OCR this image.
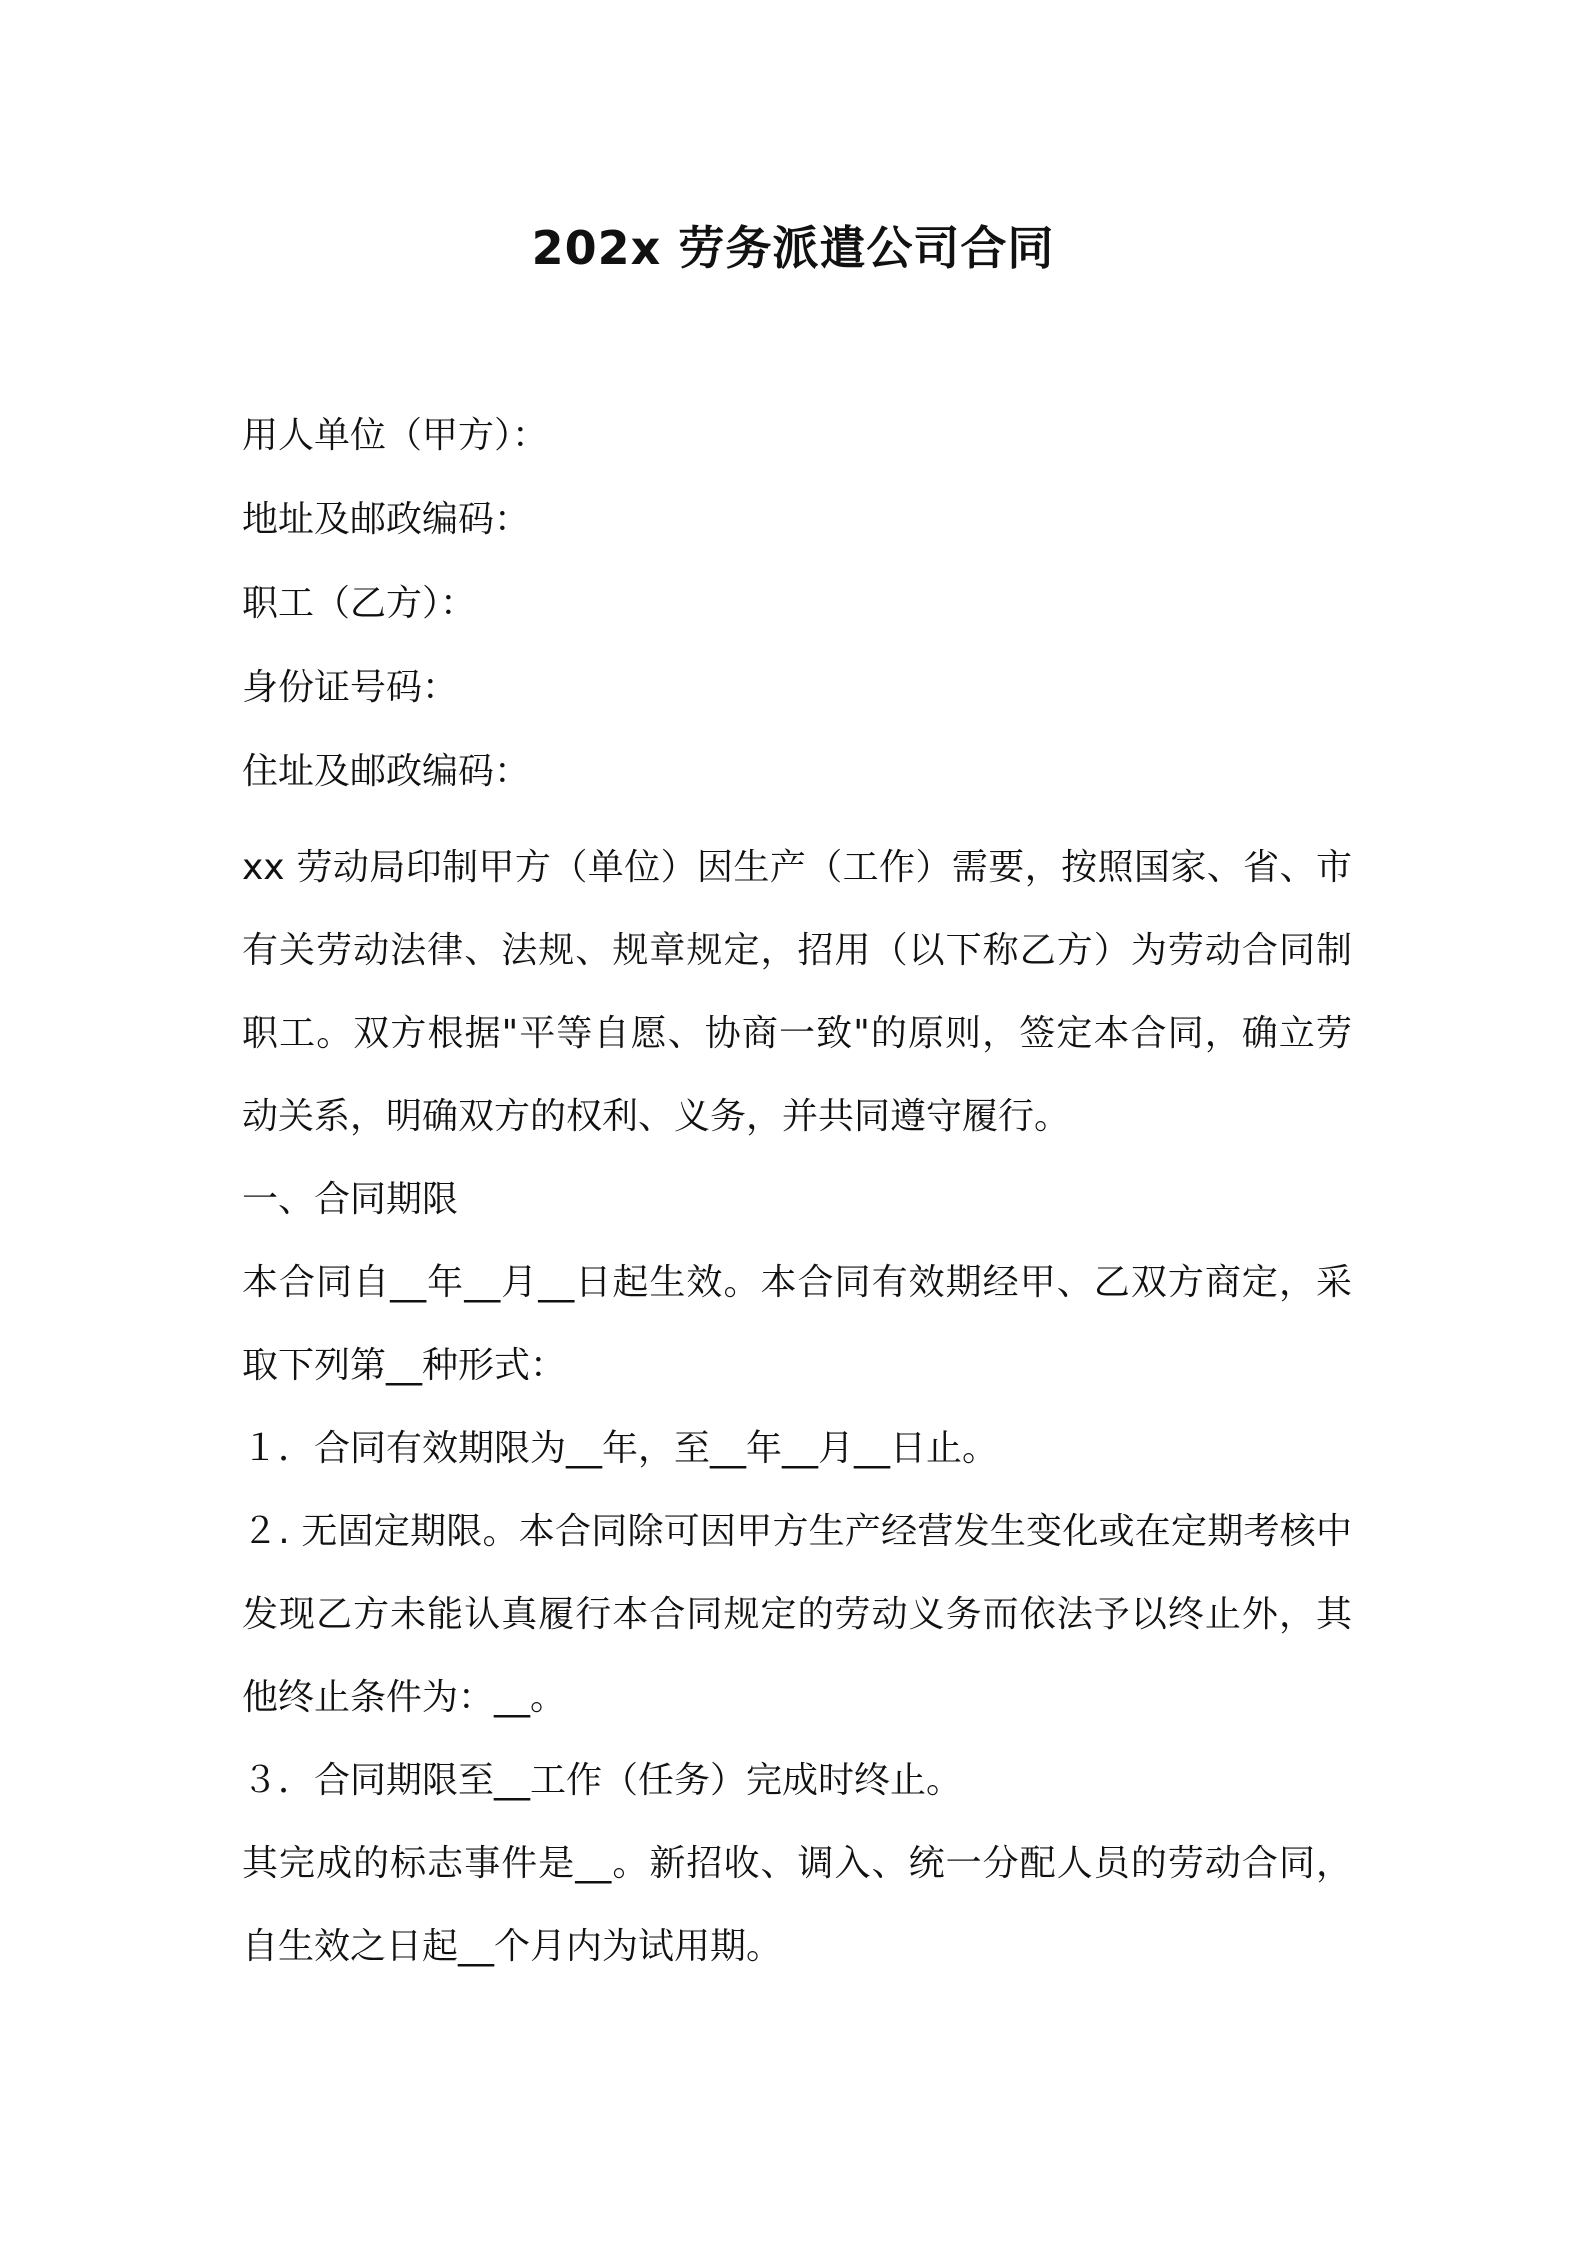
202x 劳务派遣公司合同
用人单位（甲方）：
地址及邮政编码：
职工（乙方）：
身份证号码：
住址及邮政编码：

xx 劳动局印制甲方（单位）因生产（工作）需要，按照国家、省、市有关劳动法律、法规、规章规定，招用（以下称乙方）为劳动合同制职工。双方根据"平等自愿、协商一致"的原则，签定本合同，确立劳动关系，明确双方的权利、义务，并共同遵守履行。

一、合同期限

本合同自__年__月__日起生效。本合同有效期经甲、乙双方商定，采取下列第__种形式：

１．合同有效期限为__年，至__年__月__日止。

２. 无固定期限。本合同除可因甲方生产经营发生变化或在定期考核中发现乙方未能认真履行本合同规定的劳动义务而依法予以终止外，其他终止条件为：__。

３．合同期限至__工作（任务）完成时终止。

其完成的标志事件是__。新招收、调入、统一分配人员的劳动合同，自生效之日起__个月内为试用期。
